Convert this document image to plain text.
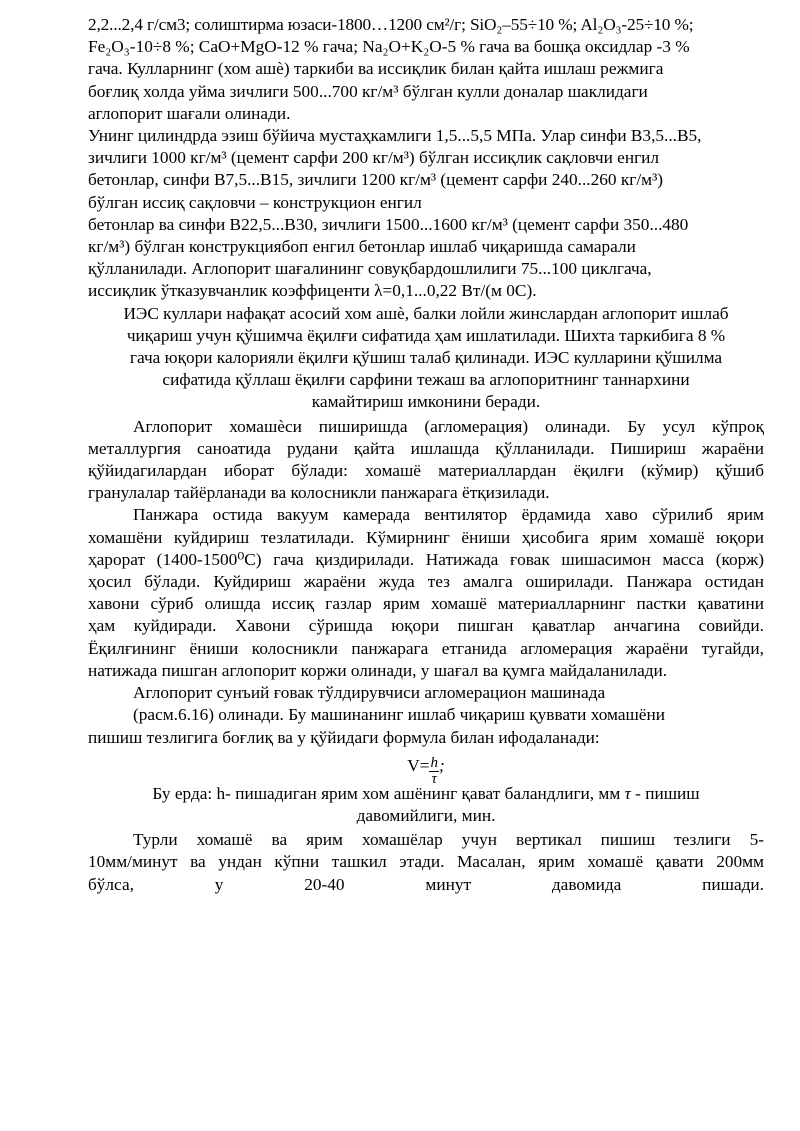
2,2...2,4 г/см3; солиштирма юзаси-1800…1200 см²/г; SiO₂–55÷10 %; Al₂O₃-25÷10 %;

Fe₂O₃-10÷8 %; CaO+MgO-12 % гача; Na₂O+K₂O-5 % гача ва бошқа оксидлар -3 %

гача. Кулларнинг (хом ашѐ) таркиби ва иссиқлик билан қайта ишлаш режмига

боғлиқ холда уйма зичлиги 500...700 кг/м³ бўлган кулли доналар шаклидаги

аглопорит шағали олинади.

Унинг цилиндрда эзиш бўйича мустаҳкамлиги 1,5...5,5 МПа. Улар синфи В3,5...В5,

зичлиги 1000 кг/м³ (цемент сарфи 200 кг/м³) бўлган иссиқлик сақловчи енгил

бетонлар, синфи В7,5...В15, зичлиги 1200 кг/м³ (цемент сарфи 240...260 кг/м³)

бўлган иссиқ сақловчи – конструкцион енгил

бетонлар ва синфи В22,5...В30, зичлиги 1500...1600 кг/м³ (цемент сарфи 350...480

кг/м³) бўлган конструкциябоп енгил бетонлар ишлаб чиқаришда самарали

қўлланилади. Аглопорит шағалининг совуқбардошлилиги 75...100 циклгача,

иссиқлик ўтказувчанлик коэффиценти λ=0,1...0,22 Вт/(м 0С).

ИЭС куллари нафақат асосий хом ашѐ, балки лойли жинслардан аглопорит ишлаб

чиқариш учун қўшимча ёқилғи сифатида ҳам ишлатилади. Шихта таркибига 8 %

гача юқори калорияли ёқилғи қўшиш талаб қилинади. ИЭС кулларини қўшилма

сифатида қўллаш ёқилғи сарфини тежаш ва аглопоритнинг таннархини

камайтириш имконини беради.

Аглопорит хомашѐси пиширишда (агломерация) олинади. Бу усул кўпроқ

металлургия саноатида рудани қайта ишлашда қўлланилади. Пишириш жараёни

қўйидагилардан иборат бўлади: хомашё материаллардан ёқилғи (кўмир) қўшиб

гранулалар тайёрланади ва колосникли панжарага ётқизилади.

Панжара остида вакуум камерада вентилятор ёрдамида хаво сўрилиб ярим

хомашёни куйдириш тезлатилади. Кўмирнинг ёниши ҳисобига ярим хомашё юқори

ҳарорат (1400-1500⁰С) гача қиздирилади. Натижада ғовак шишасимон масса (корж)

ҳосил бўлади. Куйдириш жараёни жуда тез амалга оширилади. Панжара остидан

хавони сўриб олишда иссиқ газлар ярим хомашё материалларнинг пастки қаватини

ҳам куйдиради. Хавони сўришда юқори пишган қаватлар анчагина совийди.

Ёқилғининг ёниши колосникли панжарага етганида агломерация жараёни тугайди,

натижада пишган аглопорит коржи олинади, у шағал ва қумга майдаланилади.

Аглопорит сунъий ғовак тўлдирувчиси агломерацион машинада

(расм.6.16) олинади. Бу машинанинг ишлаб чиқариш қуввати хомашёни

пишиш тезлигига боғлиқ ва у қўйидаги формула билан ифодаланади:

$V= \frac{h}{\tau}$ ;

Бу ерда: h- пишадиган ярим хом ашёнинг қават баландлиги, мм τ - пишиш

давомийлиги, мин.

Турли хомашё ва ярим хомашёлар учун вертикал пишиш тезлиги 5-

10мм/минут ва ундан кўпни ташкил этади. Масалан, ярим хомашё қавати 200мм

бўлса, у 20-40 минут давомида пишади.
